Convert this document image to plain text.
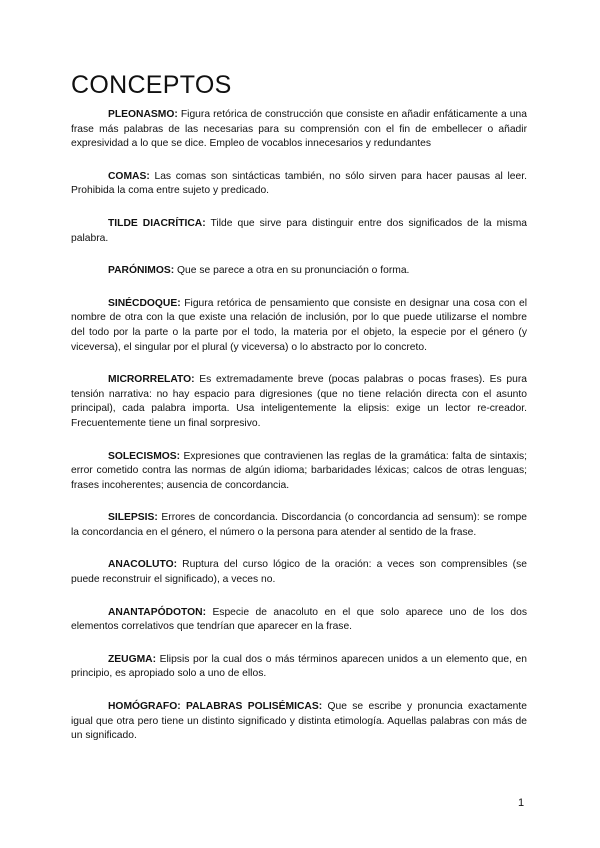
CONCEPTOS

PLEONASMO: Figura retórica de construcción que consiste en añadir enfáticamente a una frase más palabras de las necesarias para su comprensión con el fin de embellecer o añadir expresividad a lo que se dice. Empleo de vocablos innecesarios y redundantes

COMAS: Las comas son sintácticas también, no sólo sirven para hacer pausas al leer. Prohibida la coma entre sujeto y predicado.

TILDE DIACRÍTICA: Tilde que sirve para distinguir entre dos significados de la misma palabra.

PARÓNIMOS: Que se parece a otra en su pronunciación o forma.

SINÉCDOQUE: Figura retórica de pensamiento que consiste en designar una cosa con el nombre de otra con la que existe una relación de inclusión, por lo que puede utilizarse el nombre del todo por la parte o la parte por el todo, la materia por el objeto, la especie por el género (y viceversa), el singular por el plural (y viceversa) o lo abstracto por lo concreto.

MICRORRELATO: Es extremadamente breve (pocas palabras o pocas frases). Es pura tensión narrativa: no hay espacio para digresiones (que no tiene relación directa con el asunto principal), cada palabra importa. Usa inteligentemente la elipsis: exige un lector re-creador. Frecuentemente tiene un final sorpresivo.

SOLECISMOS: Expresiones que contravienen las reglas de la gramática: falta de sintaxis; error cometido contra las normas de algún idioma; barbaridades léxicas; calcos de otras lenguas; frases incoherentes; ausencia de concordancia.

SILEPSIS: Errores de concordancia. Discordancia (o concordancia ad sensum): se rompe la concordancia en el género, el número o la persona para atender al sentido de la frase.

ANACOLUTO: Ruptura del curso lógico de la oración: a veces son comprensibles (se puede reconstruir el significado), a veces no.

ANANTAPÓDOTON: Especie de anacoluto en el que solo aparece uno de los dos elementos correlativos que tendrían que aparecer en la frase.

ZEUGMA: Elipsis por la cual dos o más términos aparecen unidos a un elemento que, en principio, es apropiado solo a uno de ellos.

HOMÓGRAFO: PALABRAS POLISÉMICAS: Que se escribe y pronuncia exactamente igual que otra pero tiene un distinto significado y distinta etimología. Aquellas palabras con más de un significado.

1
